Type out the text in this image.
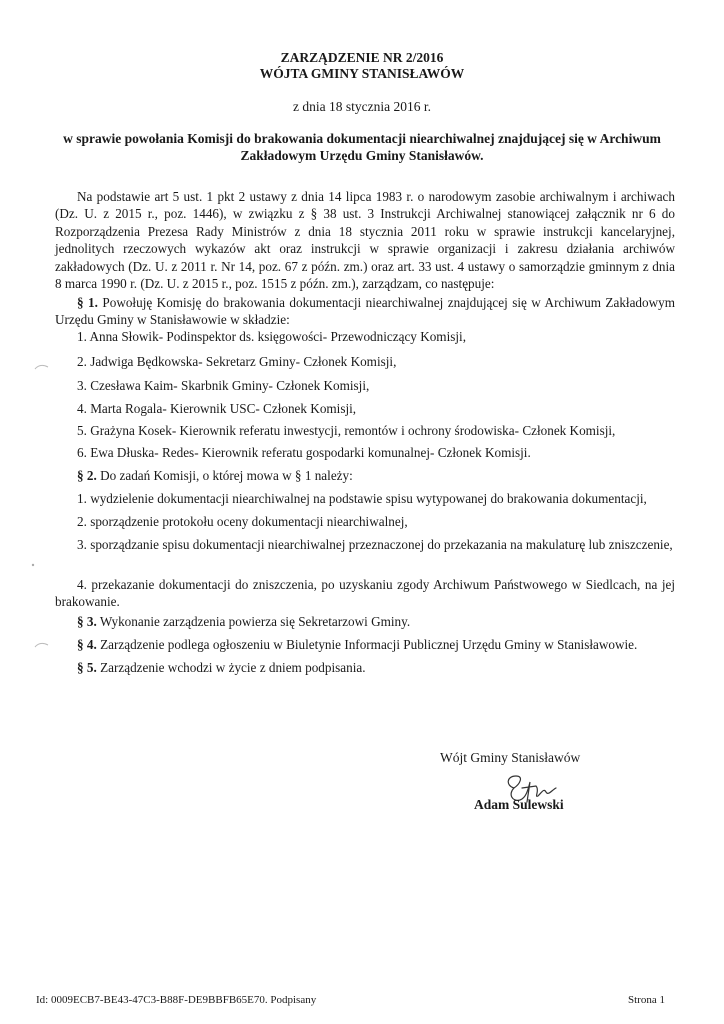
ZARZĄDZENIE NR 2/2016
WÓJTA GMINY STANISŁAWÓW
z dnia 18 stycznia 2016 r.
w sprawie powołania Komisji do brakowania dokumentacji niearchiwalnej znajdującej się w Archiwum Zakładowym Urzędu Gminy Stanisławów.
Na podstawie art 5 ust. 1 pkt 2 ustawy z dnia 14 lipca 1983 r. o narodowym zasobie archiwalnym i archiwach (Dz. U. z 2015 r., poz. 1446), w związku z § 38 ust. 3 Instrukcji Archiwalnej stanowiącej załącznik nr 6 do Rozporządzenia Prezesa Rady Ministrów z dnia 18 stycznia 2011 roku w sprawie instrukcji kancelaryjnej, jednolitych rzeczowych wykazów akt oraz instrukcji w sprawie organizacji i zakresu działania archiwów zakładowych (Dz. U. z 2011 r. Nr 14, poz. 67 z późn. zm.) oraz art. 33 ust. 4 ustawy o samorządzie gminnym z dnia 8 marca 1990 r. (Dz. U. z 2015 r., poz. 1515 z późn. zm.), zarządzam, co następuje:
§ 1. Powołuję Komisję do brakowania dokumentacji niearchiwalnej znajdującej się w Archiwum Zakładowym Urzędu Gminy w Stanisławowie w składzie:
1. Anna Słowik- Podinspektor ds. księgowości- Przewodniczący Komisji,
2. Jadwiga Będkowska- Sekretarz Gminy- Członek Komisji,
3. Czesława Kaim- Skarbnik Gminy- Członek Komisji,
4. Marta Rogala- Kierownik USC- Członek Komisji,
5. Grażyna Kosek- Kierownik referatu inwestycji, remontów i ochrony środowiska- Członek Komisji,
6. Ewa Dłuska- Redes- Kierownik referatu gospodarki komunalnej- Członek Komisji.
§ 2. Do zadań Komisji, o której mowa w § 1 należy:
1. wydzielenie dokumentacji niearchiwalnej na podstawie spisu wytypowanej do brakowania dokumentacji,
2. sporządzenie protokołu oceny dokumentacji niearchiwalnej,
3. sporządzanie spisu dokumentacji niearchiwalnej przeznaczonej do przekazania na makulaturę lub zniszczenie,
4. przekazanie dokumentacji do zniszczenia, po uzyskaniu zgody Archiwum Państwowego w Siedlcach, na jej brakowanie.
§ 3. Wykonanie zarządzenia powierza się Sekretarzowi Gminy.
§ 4. Zarządzenie podlega ogłoszeniu w Biuletynie Informacji Publicznej Urzędu Gminy w Stanisławowie.
§ 5. Zarządzenie wchodzi w życie z dniem podpisania.
Wójt Gminy Stanisławów
Adam Sulewski
Id: 0009ECB7-BE43-47C3-B88F-DE9BBFB65E70. Podpisany	Strona 1
